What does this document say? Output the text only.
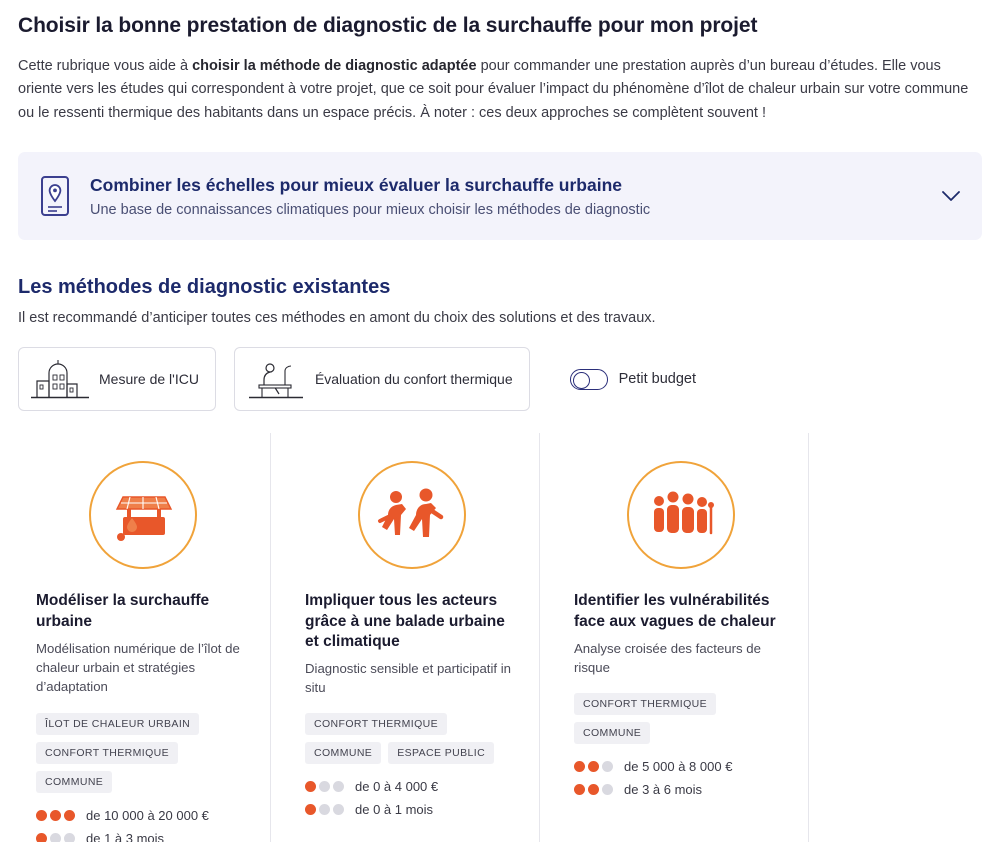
Choisir la bonne prestation de diagnostic de la surchauffe pour mon projet

Cette rubrique vous aide à choisir la méthode de diagnostic adaptée pour commander une prestation auprès d’un bureau d’études. Elle vous oriente vers les études qui correspondent à votre projet, que ce soit pour évaluer l’impact du phénomène d’îlot de chaleur urbain sur votre commune ou le ressenti thermique des habitants dans un espace précis. À noter : ces deux approches se complètent souvent !

Combiner les échelles pour mieux évaluer la surchauffe urbaine
Une base de connaissances climatiques pour mieux choisir les méthodes de diagnostic
Les méthodes de diagnostic existantes
Il est recommandé d’anticiper toutes ces méthodes en amont du choix des solutions et des travaux.
Mesure de l'ICU	Évaluation du confort thermique	Petit budget
Modéliser la surchauffe urbaine
Modélisation numérique de l’îlot de chaleur urbain et stratégies d’adaptation
ÎLOT DE CHALEUR URBAIN
CONFORT THERMIQUE
COMMUNE
de 10 000 à 20 000 €
de 1 à 3 mois
Impliquer tous les acteurs grâce à une balade urbaine et climatique
Diagnostic sensible et participatif in situ
CONFORT THERMIQUE
COMMUNE	ESPACE PUBLIC
de 0 à 4 000 €
de 0 à 1 mois
Identifier les vulnérabilités face aux vagues de chaleur
Analyse croisée des facteurs de risque
CONFORT THERMIQUE
COMMUNE
de 5 000 à 8 000 €
de 3 à 6 mois
